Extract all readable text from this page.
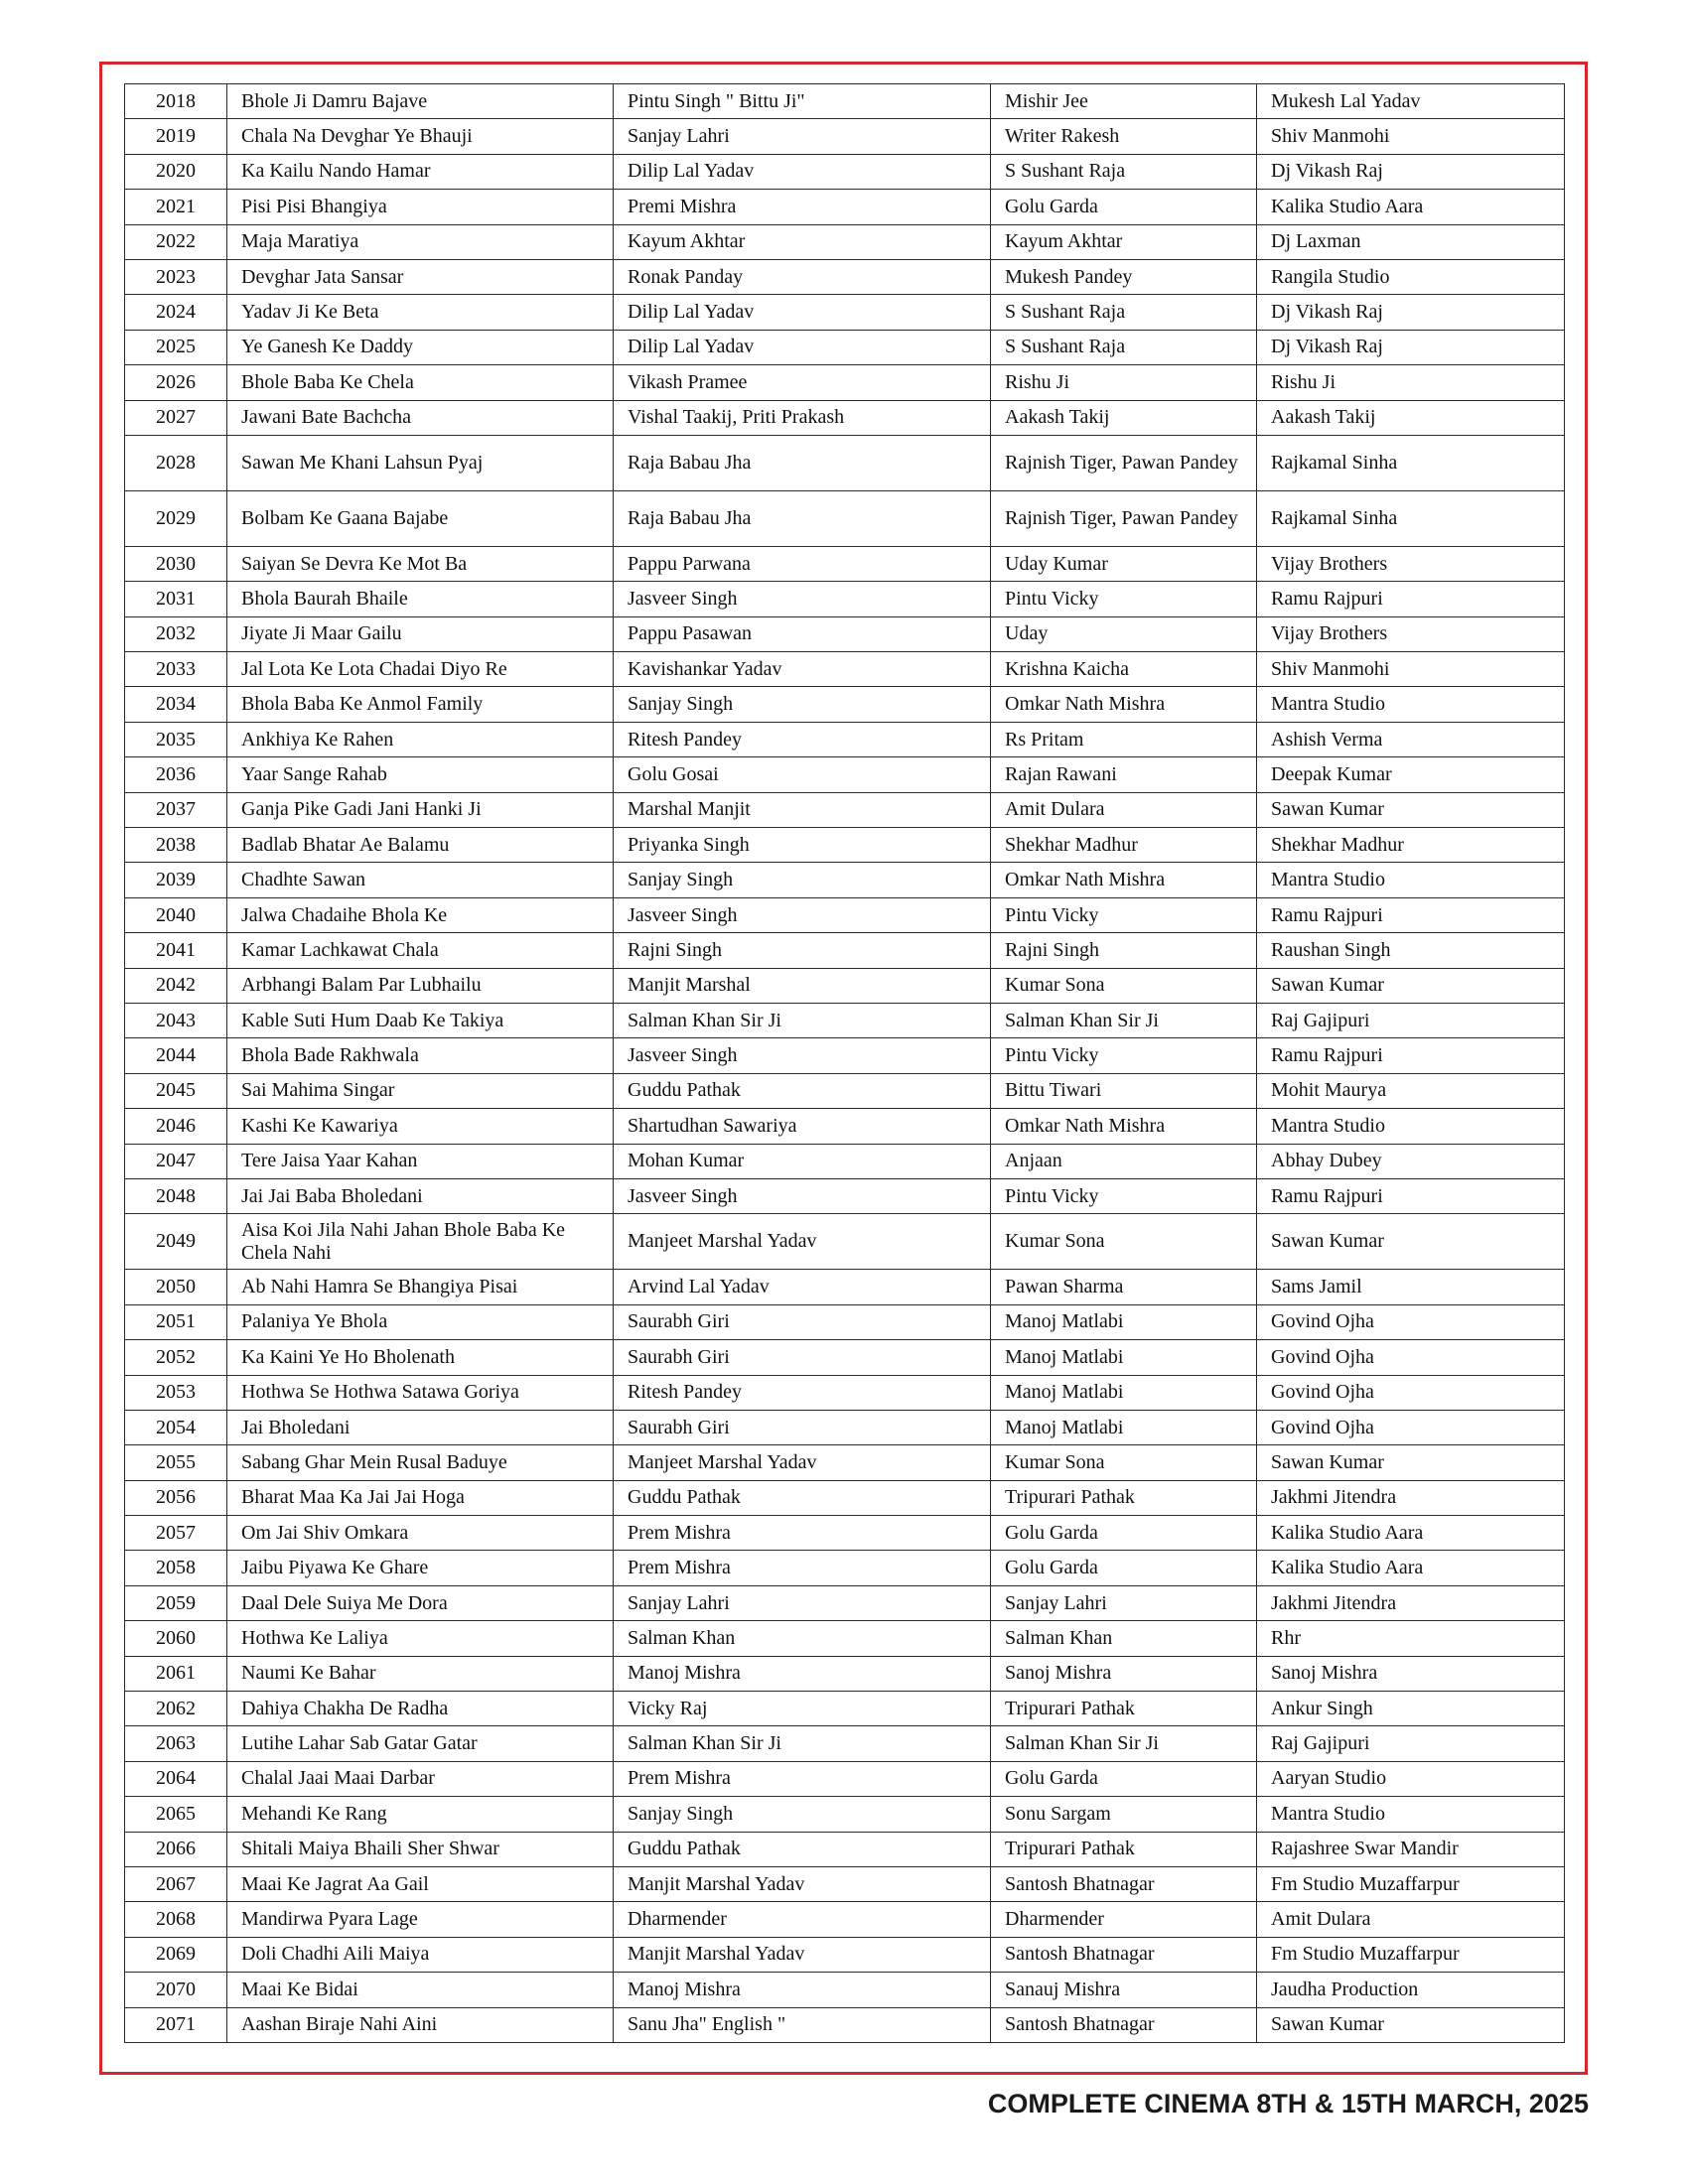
2018	Bhole Ji Damru Bajave	Pintu Singh " Bittu Ji"	Mishir Jee	Mukesh Lal Yadav
2019	Chala Na Devghar Ye Bhauji	Sanjay Lahri	Writer Rakesh	Shiv Manmohi
2020	Ka Kailu Nando Hamar	Dilip Lal Yadav	S Sushant Raja	Dj Vikash Raj
2021	Pisi Pisi Bhangiya	Premi Mishra	Golu Garda	Kalika Studio Aara
2022	Maja Maratiya	Kayum Akhtar	Kayum Akhtar	Dj Laxman
2023	Devghar Jata Sansar	Ronak Panday	Mukesh Pandey	Rangila Studio
2024	Yadav Ji Ke Beta	Dilip Lal Yadav	S Sushant Raja	Dj Vikash Raj
2025	Ye Ganesh Ke Daddy	Dilip Lal Yadav	S Sushant Raja	Dj Vikash Raj
2026	Bhole Baba Ke Chela	Vikash Pramee	Rishu Ji	Rishu Ji
2027	Jawani Bate Bachcha	Vishal Taakij, Priti Prakash	Aakash Takij	Aakash Takij
2028	Sawan Me Khani Lahsun Pyaj	Raja Babau Jha	Rajnish Tiger, Pawan Pandey	Rajkamal Sinha
2029	Bolbam Ke Gaana Bajabe	Raja Babau Jha	Rajnish Tiger, Pawan Pandey	Rajkamal Sinha
2030	Saiyan Se Devra Ke Mot Ba	Pappu Parwana	Uday Kumar	Vijay Brothers
2031	Bhola Baurah Bhaile	Jasveer Singh	Pintu Vicky	Ramu Rajpuri
2032	Jiyate Ji Maar Gailu	Pappu Pasawan	Uday	Vijay Brothers
2033	Jal Lota Ke Lota Chadai Diyo Re	Kavishankar Yadav	Krishna Kaicha	Shiv Manmohi
2034	Bhola Baba Ke Anmol Family	Sanjay Singh	Omkar Nath Mishra	Mantra Studio
2035	Ankhiya Ke Rahen	Ritesh Pandey	Rs Pritam	Ashish Verma
2036	Yaar Sange Rahab	Golu Gosai	Rajan Rawani	Deepak Kumar
2037	Ganja Pike Gadi Jani Hanki Ji	Marshal Manjit	Amit Dulara	Sawan Kumar
2038	Badlab Bhatar Ae Balamu	Priyanka Singh	Shekhar Madhur	Shekhar Madhur
2039	Chadhte Sawan	Sanjay Singh	Omkar Nath Mishra	Mantra Studio
2040	Jalwa Chadaihe Bhola Ke	Jasveer Singh	Pintu Vicky	Ramu Rajpuri
2041	Kamar Lachkawat Chala	Rajni Singh	Rajni Singh	Raushan Singh
2042	Arbhangi Balam Par Lubhailu	Manjit Marshal	Kumar Sona	Sawan Kumar
2043	Kable Suti Hum Daab Ke Takiya	Salman Khan Sir Ji	Salman Khan Sir Ji	Raj Gajipuri
2044	Bhola Bade Rakhwala	Jasveer Singh	Pintu Vicky	Ramu Rajpuri
2045	Sai Mahima Singar	Guddu Pathak	Bittu Tiwari	Mohit Maurya
2046	Kashi Ke Kawariya	Shartudhan Sawariya	Omkar Nath Mishra	Mantra Studio
2047	Tere Jaisa Yaar Kahan	Mohan Kumar	Anjaan	Abhay Dubey
2048	Jai Jai Baba Bholedani	Jasveer Singh	Pintu Vicky	Ramu Rajpuri
2049	Aisa Koi Jila Nahi Jahan Bhole Baba Ke Chela Nahi	Manjeet Marshal Yadav	Kumar Sona	Sawan Kumar
2050	Ab Nahi Hamra Se Bhangiya Pisai	Arvind Lal Yadav	Pawan Sharma	Sams Jamil
2051	Palaniya Ye Bhola	Saurabh Giri	Manoj Matlabi	Govind Ojha
2052	Ka Kaini Ye Ho Bholenath	Saurabh Giri	Manoj Matlabi	Govind Ojha
2053	Hothwa Se Hothwa Satawa Goriya	Ritesh Pandey	Manoj Matlabi	Govind Ojha
2054	Jai Bholedani	Saurabh Giri	Manoj Matlabi	Govind Ojha
2055	Sabang Ghar Mein Rusal Baduye	Manjeet Marshal Yadav	Kumar Sona	Sawan Kumar
2056	Bharat Maa Ka Jai Jai Hoga	Guddu Pathak	Tripurari Pathak	Jakhmi Jitendra
2057	Om Jai Shiv Omkara	Prem Mishra	Golu Garda	Kalika Studio Aara
2058	Jaibu Piyawa Ke Ghare	Prem Mishra	Golu Garda	Kalika Studio Aara
2059	Daal Dele Suiya Me Dora	Sanjay Lahri	Sanjay Lahri	Jakhmi Jitendra
2060	Hothwa Ke Laliya	Salman Khan	Salman Khan	Rhr
2061	Naumi Ke Bahar	Manoj Mishra	Sanoj Mishra	Sanoj Mishra
2062	Dahiya Chakha De Radha	Vicky Raj	Tripurari Pathak	Ankur Singh
2063	Lutihe Lahar Sab Gatar Gatar	Salman Khan Sir Ji	Salman Khan Sir Ji	Raj Gajipuri
2064	Chalal Jaai Maai Darbar	Prem Mishra	Golu Garda	Aaryan Studio
2065	Mehandi Ke Rang	Sanjay Singh	Sonu Sargam	Mantra Studio
2066	Shitali Maiya Bhaili Sher Shwar	Guddu Pathak	Tripurari Pathak	Rajashree Swar Mandir
2067	Maai Ke Jagrat Aa Gail	Manjit Marshal Yadav	Santosh Bhatnagar	Fm Studio Muzaffarpur
2068	Mandirwa Pyara Lage	Dharmender	Dharmender	Amit Dulara
2069	Doli Chadhi Aili Maiya	Manjit Marshal Yadav	Santosh Bhatnagar	Fm Studio Muzaffarpur
2070	Maai Ke Bidai	Manoj Mishra	Sanauj Mishra	Jaudha Production
2071	Aashan Biraje Nahi Aini	Sanu Jha" English "	Santosh Bhatnagar	Sawan Kumar
COMPLETE CINEMA 8TH & 15TH MARCH, 2025
